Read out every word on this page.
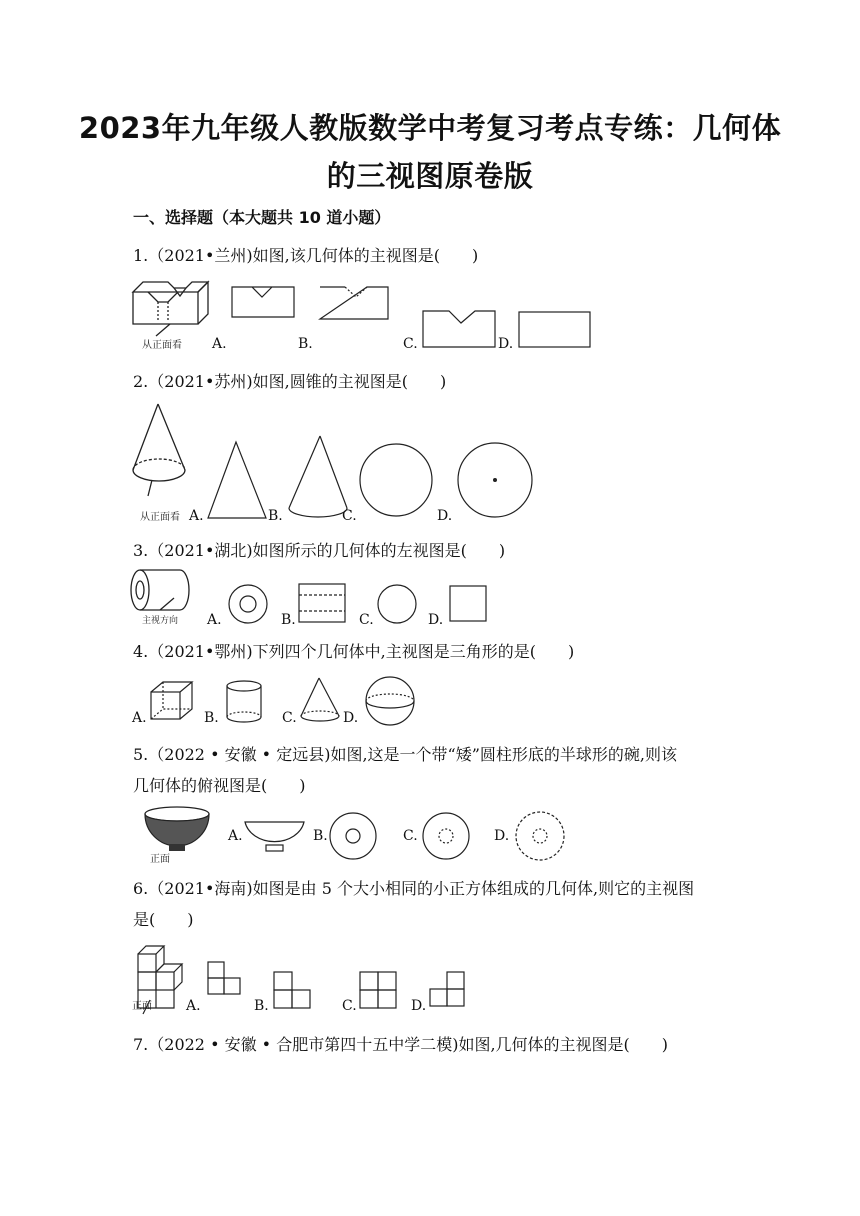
2023年九年级人教版数学中考复习考点专练：几何体
的三视图原卷版
一、选择题（本大题共 10 道小题）
1.（2021•兰州)如图,该几何体的主视图是(　　)
从正面看 A.	B.	C.	D.
2.（2021•苏州)如图,圆锥的主视图是(　　)
从正面看 A.	B.	C.	D.
3.（2021•湖北)如图所示的几何体的左视图是(　　)
主视方向 A.	B.	C.	D.
4.（2021•鄂州)下列四个几何体中,主视图是三角形的是(　　)
A.	B.	C.	D.
5.（2022 • 安徽 • 定远县)如图,这是一个带“矮”圆柱形底的半球形的碗,则该
几何体的俯视图是(　　)
正面
A.	B.	C.	D.
6.（2021•海南)如图是由 5 个大小相同的小正方体组成的几何体,则它的主视图
是(　　)
正面 A.	B.	C.	D.
7.（2022 • 安徽 • 合肥市第四十五中学二模)如图,几何体的主视图是(　　)
